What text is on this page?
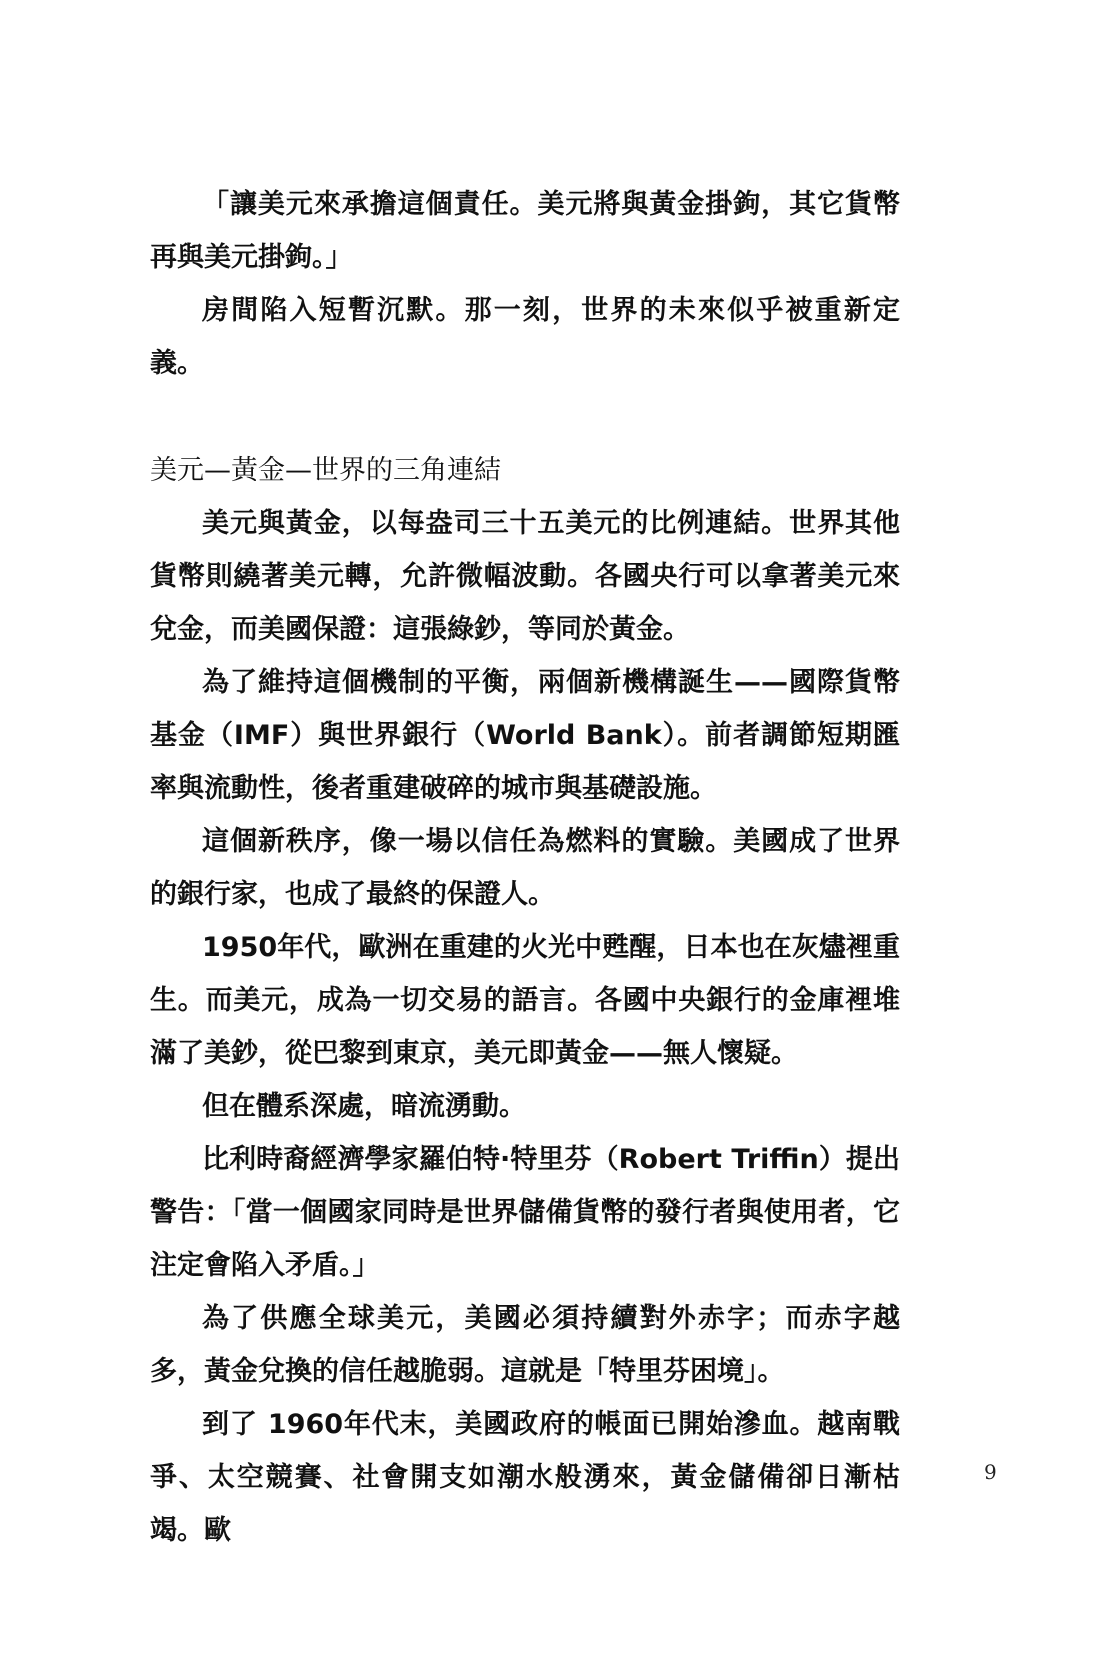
「讓美元來承擔這個責任。美元將與黃金掛鉤，其它貨幣再與美元掛鉤。」

房間陷入短暫沉默。那一刻，世界的未來似乎被重新定義。

美元—黃金—世界的三角連結

美元與黃金，以每盎司三十五美元的比例連結。世界其他貨幣則繞著美元轉，允許微幅波動。各國央行可以拿著美元來兌金，而美國保證：這張綠鈔，等同於黃金。

為了維持這個機制的平衡，兩個新機構誕生——國際貨幣基金（IMF）與世界銀行（World Bank）。前者調節短期匯率與流動性，後者重建破碎的城市與基礎設施。

這個新秩序，像一場以信任為燃料的實驗。美國成了世界的銀行家，也成了最終的保證人。

1950年代，歐洲在重建的火光中甦醒，日本也在灰燼裡重生。而美元，成為一切交易的語言。各國中央銀行的金庫裡堆滿了美鈔，從巴黎到東京，美元即黃金——無人懷疑。

但在體系深處，暗流湧動。

比利時裔經濟學家羅伯特·特里芬（Robert Triffin）提出警告：「當一個國家同時是世界儲備貨幣的發行者與使用者，它注定會陷入矛盾。」

為了供應全球美元，美國必須持續對外赤字；而赤字越多，黃金兌換的信任越脆弱。這就是「特里芬困境」。

到了 1960年代末，美國政府的帳面已開始滲血。越南戰爭、太空競賽、社會開支如潮水般湧來，黃金儲備卻日漸枯竭。歐

9
